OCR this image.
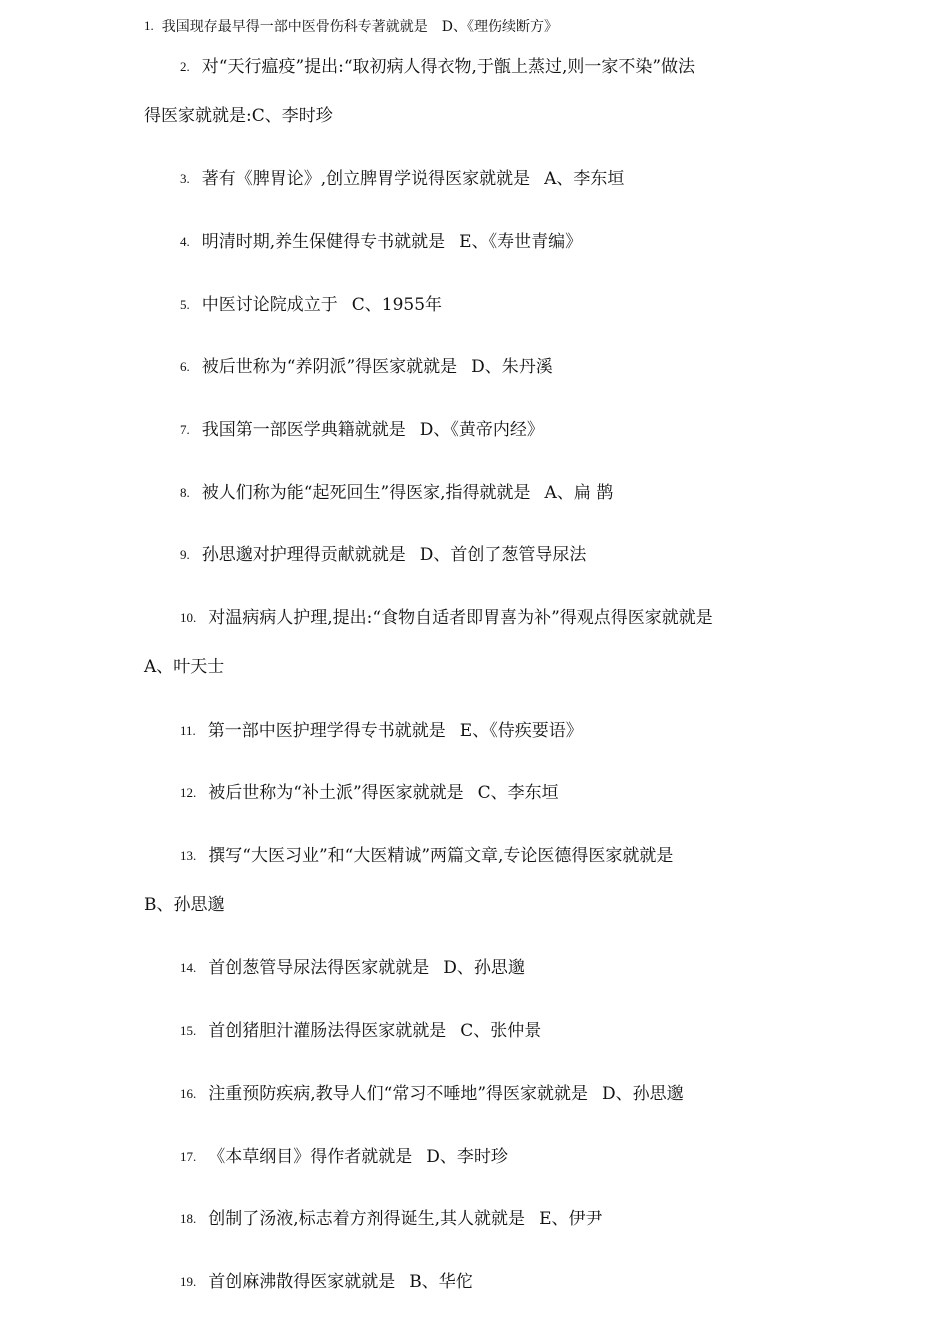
1. 我国现存最早得一部中医骨伤科专著就就是 D、《理伤续断方》
2. 对“天行瘟疫”提出:“取初病人得衣物,于甑上蒸过,则一家不染”做法
得医家就就是:C、李时珍
3. 著有《脾胃论》,创立脾胃学说得医家就就是 A、李东垣
4. 明清时期,养生保健得专书就就是 E、《寿世青编》
5. 中医讨论院成立于 C、1955年
6. 被后世称为“养阴派”得医家就就是 D、朱丹溪
7. 我国第一部医学典籍就就是 D、《黄帝内经》
8. 被人们称为能“起死回生”得医家,指得就就是 A、扁 鹊
9. 孙思邈对护理得贡献就就是 D、首创了葱管导尿法
10. 对温病病人护理,提出:“食物自适者即胃喜为补”得观点得医家就就是
A、叶天士
11. 第一部中医护理学得专书就就是 E、《侍疾要语》
12. 被后世称为“补土派”得医家就就是 C、李东垣
13. 撰写“大医习业”和“大医精诚”两篇文章,专论医德得医家就就是
B、孙思邈
14. 首创葱管导尿法得医家就就是 D、孙思邈
15. 首创猪胆汁灌肠法得医家就就是 C、张仲景
16. 注重预防疾病,教导人们“常习不唾地”得医家就就是 D、孙思邈
17. 《本草纲目》得作者就就是 D、李时珍
18. 创制了汤液,标志着方剂得诞生,其人就就是 E、伊尹
19. 首创麻沸散得医家就就是 B、华佗
